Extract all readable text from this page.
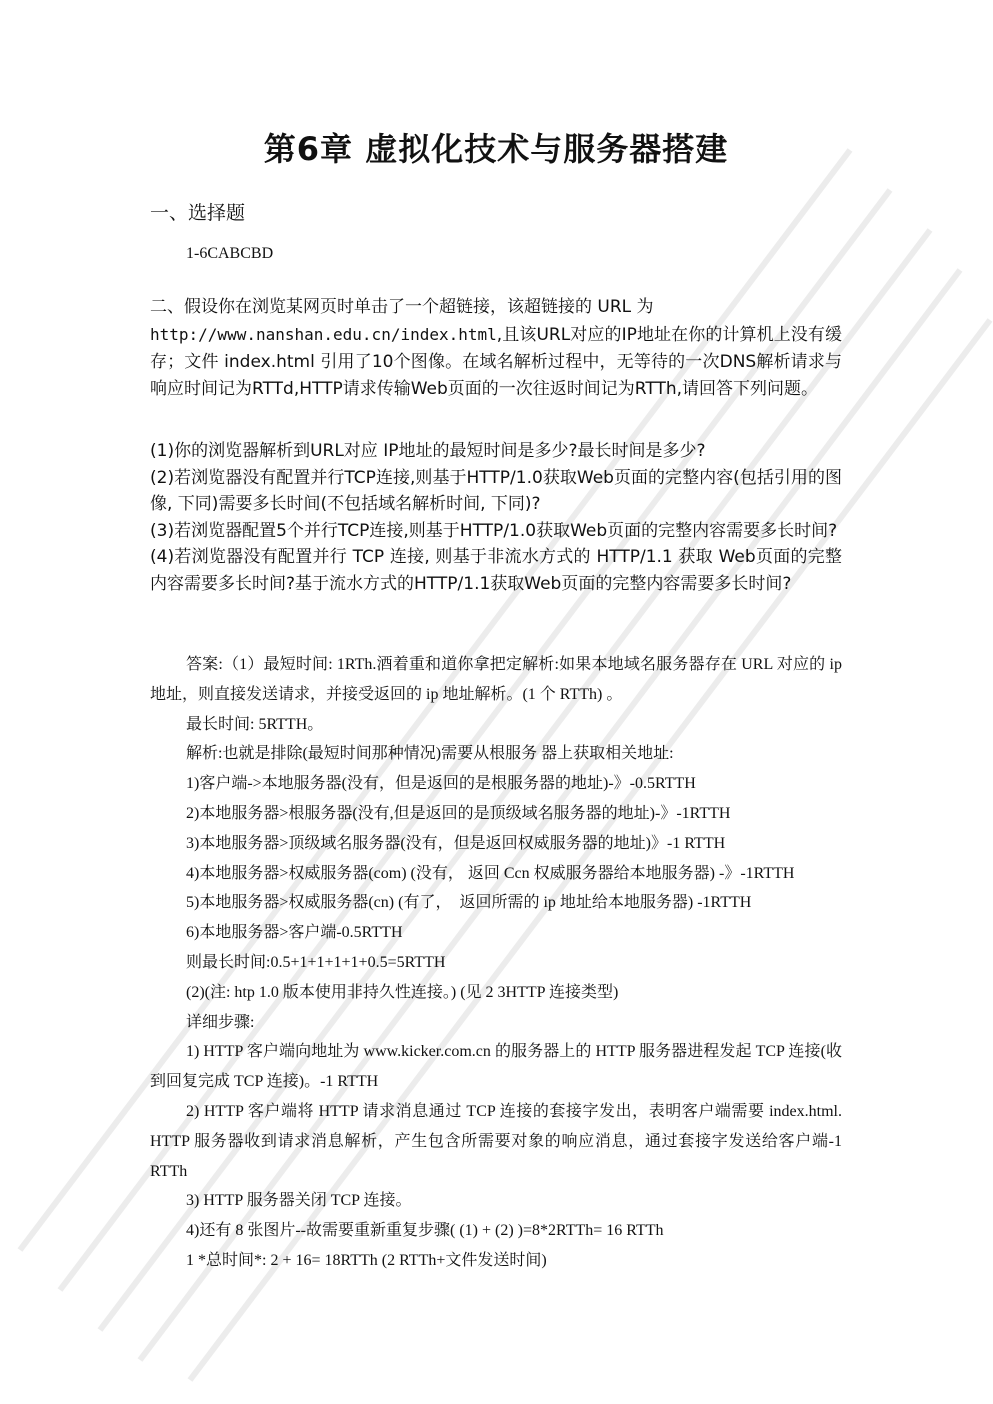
第6章 虚拟化技术与服务器搭建
一、选择题
1-6CABCBD
二、假设你在浏览某网页时单击了一个超链接，该超链接的 URL 为
http://www.nanshan.edu.cn/index.html,且该URL对应的IP地址在你的计算机上没有缓存；文件 index.html 引用了10个图像。在域名解析过程中，无等待的一次DNS解析请求与响应时间记为RTTd,HTTP请求传输Web页面的一次往返时间记为RTTh,请回答下列问题。

(1)你的浏览器解析到URL对应 IP地址的最短时间是多少?最长时间是多少?

(2)若浏览器没有配置并行TCP连接,则基于HTTP/1.0获取Web页面的完整内容(包括引用的图像, 下同)需要多长时间(不包括域名解析时间, 下同)?

(3)若浏览器配置5个并行TCP连接,则基于HTTP/1.0获取Web页面的完整内容需要多长时间?

(4)若浏览器没有配置并行 TCP 连接, 则基于非流水方式的 HTTP/1.1 获取 Web页面的完整内容需要多长时间?基于流水方式的HTTP/1.1获取Web页面的完整内容需要多长时间?

答案:（1）最短时间: 1RTh.酒着重和道你拿把定解析:如果本地域名服务器存在 URL 对应的 ip 地址，则直接发送请求，并接受返回的 ip 地址解析。(1 个 RTTh) 。

最长时间: 5RTTH。

解析:也就是排除(最短时间那种情况)需要从根服务 器上获取相关地址:

1)客户端->本地服务器(没有，但是返回的是根服务器的地址)-》-0.5RTTH

2)本地服务器>根服务器(没有,但是返回的是顶级域名服务器的地址)-》-1RTTH

3)本地服务器>顶级域名服务器(没有，但是返回权威服务器的地址)》-1 RTTH

4)本地服务器>权威服务器(com) (没有， 返回 Ccn 权威服务器给本地服务器) -》-1RTTH

5)本地服务器>权威服务器(cn) (有了，　返回所需的 ip 地址给本地服务器) -1RTTH

6)本地服务器>客户端-0.5RTTH

则最长时间:0.5+1+1+1+1+0.5=5RTTH

(2)(注: htp 1.0 版本使用非持久性连接。) (见 2 3HTTP 连接类型)

详细步骤:

1) HTTP 客户端向地址为 www.kicker.com.cn 的服务器上的 HTTP 服务器进程发起 TCP 连接(收到回复完成 TCP 连接)。-1 RTTH

2) HTTP 客户端将 HTTP 请求消息通过 TCP 连接的套接字发出，表明客户端需要 index.html. HTTP 服务器收到请求消息解析，产生包含所需要对象的响应消息，通过套接字发送给客户端-1 RTTh

3) HTTP 服务器关闭 TCP 连接。

4)还有 8 张图片--故需要重新重复步骤( (1) + (2) )=8*2RTTh= 16 RTTh

1 *总时间*: 2 + 16= 18RTTh (2 RTTh+文件发送时间)
